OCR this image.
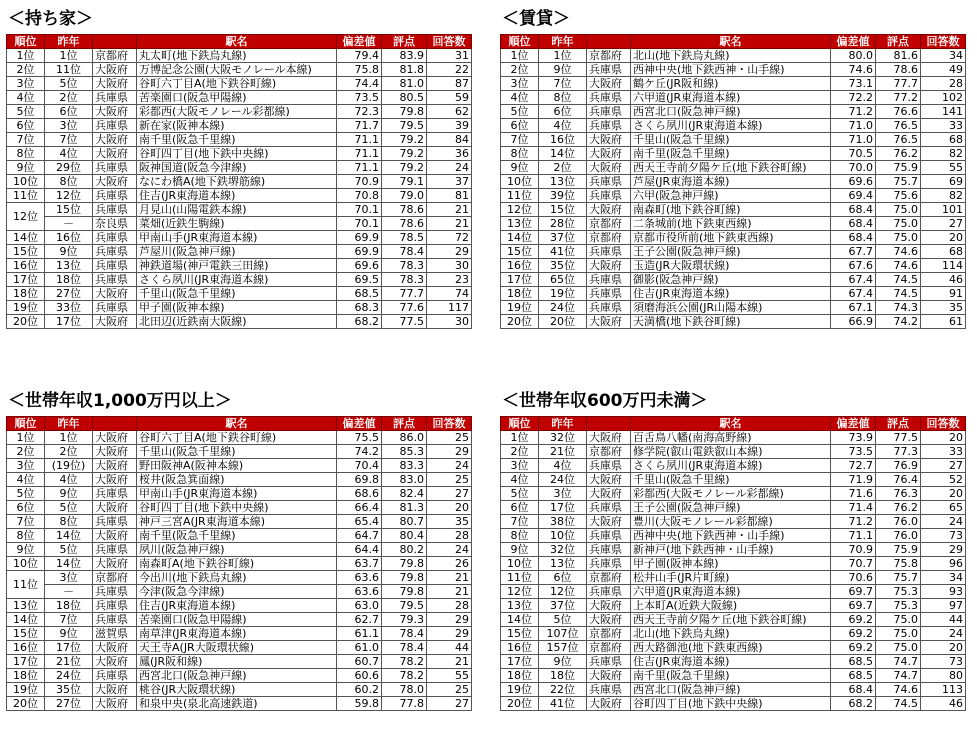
＜持ち家＞
順位	昨年		駅名	偏差値	評点	回答数
1位	1位	京都府	丸太町(地下鉄烏丸線)	79.4	83.9	31
2位	11位	大阪府	万博記念公園(大阪モノレール本線)	75.8	81.8	22
3位	5位	大阪府	谷町六丁目A(地下鉄谷町線)	74.4	81.0	87
4位	2位	兵庫県	苦楽園口(阪急甲陽線)	73.5	80.5	59
5位	6位	大阪府	彩都西(大阪モノレール彩都線)	72.3	79.8	62
6位	3位	兵庫県	新在家(阪神本線)	71.7	79.5	39
7位	7位	大阪府	南千里(阪急千里線)	71.1	79.2	84
8位	4位	大阪府	谷町四丁目(地下鉄中央線)	71.1	79.2	36
9位	29位	兵庫県	阪神国道(阪急今津線)	71.1	79.2	24
10位	8位	大阪府	なにわ橋A(地下鉄堺筋線)	70.9	79.1	37
11位	12位	兵庫県	住吉(JR東海道本線)	70.8	79.0	81
12位	15位	兵庫県	月見山(山陽電鉄本線)	70.1	78.6	21
	－	奈良県	菜畑(近鉄生駒線)	70.1	78.6	21
14位	16位	兵庫県	甲南山手(JR東海道本線)	69.9	78.5	72
15位	9位	兵庫県	芦屋川(阪急神戸線)	69.9	78.4	29
16位	13位	兵庫県	神鉄道場(神戸電鉄三田線)	69.6	78.3	30
17位	18位	兵庫県	さくら夙川(JR東海道本線)	69.5	78.3	23
18位	27位	大阪府	千里山(阪急千里線)	68.5	77.7	74
19位	33位	兵庫県	甲子園(阪神本線)	68.3	77.6	117
20位	17位	大阪府	北田辺(近鉄南大阪線)	68.2	77.5	30
＜賃貸＞
順位	昨年		駅名	偏差値	評点	回答数
1位	1位	京都府	北山(地下鉄烏丸線)	80.0	81.6	34
2位	9位	兵庫県	西神中央(地下鉄西神・山手線)	74.6	78.6	49
3位	7位	大阪府	鶴ケ丘(JR阪和線)	73.1	77.7	28
4位	8位	兵庫県	六甲道(JR東海道本線)	72.2	77.2	102
5位	6位	兵庫県	西宮北口(阪急神戸線)	71.2	76.6	141
6位	4位	兵庫県	さくら夙川(JR東海道本線)	71.0	76.5	33
7位	16位	大阪府	千里山(阪急千里線)	71.0	76.5	68
8位	14位	大阪府	南千里(阪急千里線)	70.5	76.2	82
9位	2位	大阪府	西天王寺前夕陽ケ丘(地下鉄谷町線)	70.0	75.9	55
10位	13位	兵庫県	芦屋(JR東海道本線)	69.6	75.7	69
11位	39位	兵庫県	六甲(阪急神戸線)	69.4	75.6	82
12位	15位	大阪府	南森町(地下鉄谷町線)	68.4	75.0	101
13位	28位	京都府	二条城前(地下鉄東西線)	68.4	75.0	27
14位	37位	京都府	京都市役所前(地下鉄東西線)	68.4	75.0	20
15位	41位	兵庫県	王子公園(阪急神戸線)	67.7	74.6	68
16位	35位	大阪府	玉造(JR大阪環状線)	67.6	74.6	114
17位	65位	兵庫県	御影(阪急神戸線)	67.4	74.5	46
18位	19位	兵庫県	住吉(JR東海道本線)	67.4	74.5	91
19位	24位	兵庫県	須磨海浜公園(JR山陽本線)	67.1	74.3	35
20位	20位	大阪府	天満橋(地下鉄谷町線)	66.9	74.2	61
＜世帯年収1,000万円以上＞
順位	昨年		駅名	偏差値	評点	回答数
1位	1位	大阪府	谷町六丁目A(地下鉄谷町線)	75.5	86.0	25
2位	2位	大阪府	千里山(阪急千里線)	74.2	85.3	29
3位	(19位)	大阪府	野田阪神A(阪神本線)	70.4	83.3	24
4位	4位	大阪府	桜井(阪急箕面線)	69.8	83.0	25
5位	9位	兵庫県	甲南山手(JR東海道本線)	68.6	82.4	27
6位	5位	大阪府	谷町四丁目(地下鉄中央線)	66.4	81.3	20
7位	8位	兵庫県	神戸三宮A(JR東海道本線)	65.4	80.7	35
8位	14位	大阪府	南千里(阪急千里線)	64.7	80.4	28
9位	5位	兵庫県	夙川(阪急神戸線)	64.4	80.2	24
10位	14位	大阪府	南森町A(地下鉄谷町線)	63.7	79.8	26
11位	3位	京都府	今出川(地下鉄烏丸線)	63.6	79.8	21
	－	兵庫県	今津(阪急今津線)	63.6	79.8	21
13位	18位	兵庫県	住吉(JR東海道本線)	63.0	79.5	28
14位	7位	兵庫県	苦楽園口(阪急甲陽線)	62.7	79.3	29
15位	9位	滋賀県	南草津(JR東海道本線)	61.1	78.4	29
16位	17位	大阪府	天王寺A(JR大阪環状線)	61.0	78.4	44
17位	21位	大阪府	鳳(JR阪和線)	60.7	78.2	21
18位	24位	兵庫県	西宮北口(阪急神戸線)	60.6	78.2	55
19位	35位	大阪府	桃谷(JR大阪環状線)	60.2	78.0	25
20位	27位	大阪府	和泉中央(泉北高速鉄道)	59.8	77.8	27
＜世帯年収600万円未満＞
順位	昨年		駅名	偏差値	評点	回答数
1位	32位	大阪府	百舌鳥八幡(南海高野線)	73.9	77.5	20
2位	21位	京都府	修学院(叡山電鉄叡山本線)	73.5	77.3	33
3位	4位	兵庫県	さくら夙川(JR東海道本線)	72.7	76.9	27
4位	24位	大阪府	千里山(阪急千里線)	71.9	76.4	52
5位	3位	大阪府	彩都西(大阪モノレール彩都線)	71.6	76.3	20
6位	17位	兵庫県	王子公園(阪急神戸線)	71.4	76.2	65
7位	38位	大阪府	豊川(大阪モノレール彩都線)	71.2	76.0	24
8位	10位	兵庫県	西神中央(地下鉄西神・山手線)	71.1	76.0	73
9位	32位	兵庫県	新神戸(地下鉄西神・山手線)	70.9	75.9	29
10位	13位	兵庫県	甲子園(阪神本線)	70.7	75.8	96
11位	6位	京都府	松井山手(JR片町線)	70.6	75.7	34
12位	12位	兵庫県	六甲道(JR東海道本線)	69.7	75.3	93
13位	37位	大阪府	上本町A(近鉄大阪線)	69.7	75.3	97
14位	5位	大阪府	西天王寺前夕陽ケ丘(地下鉄谷町線)	69.2	75.0	44
15位	107位	京都府	北山(地下鉄烏丸線)	69.2	75.0	24
16位	157位	京都府	西大路御池(地下鉄東西線)	69.2	75.0	20
17位	9位	兵庫県	住吉(JR東海道本線)	68.5	74.7	73
18位	18位	大阪府	南千里(阪急千里線)	68.5	74.7	80
19位	22位	兵庫県	西宮北口(阪急神戸線)	68.4	74.6	113
20位	41位	大阪府	谷町四丁目(地下鉄中央線)	68.2	74.5	46
